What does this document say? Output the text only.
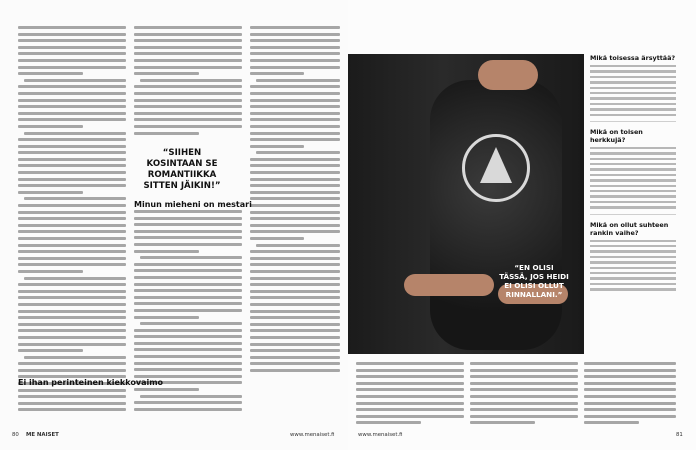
“SIIHEN KOSINTAAN SE ROMANTIIKKA SITTEN JÄIKIN!”
Ei ihan perinteinen kiekkovaimo
Minun mieheni on mestari
“EN OLISI TÄSSÄ, JOS HEIDI EI OLISI OLLUT RINNALLANI.”
Mikä toisessa ärsyttää?
Mikä on toisen herkkujä?
Mikä on ollut suhteen rankin vaihe?
80 ME NAISET	www.menaiset.fi	www.menaiset.fi	81
